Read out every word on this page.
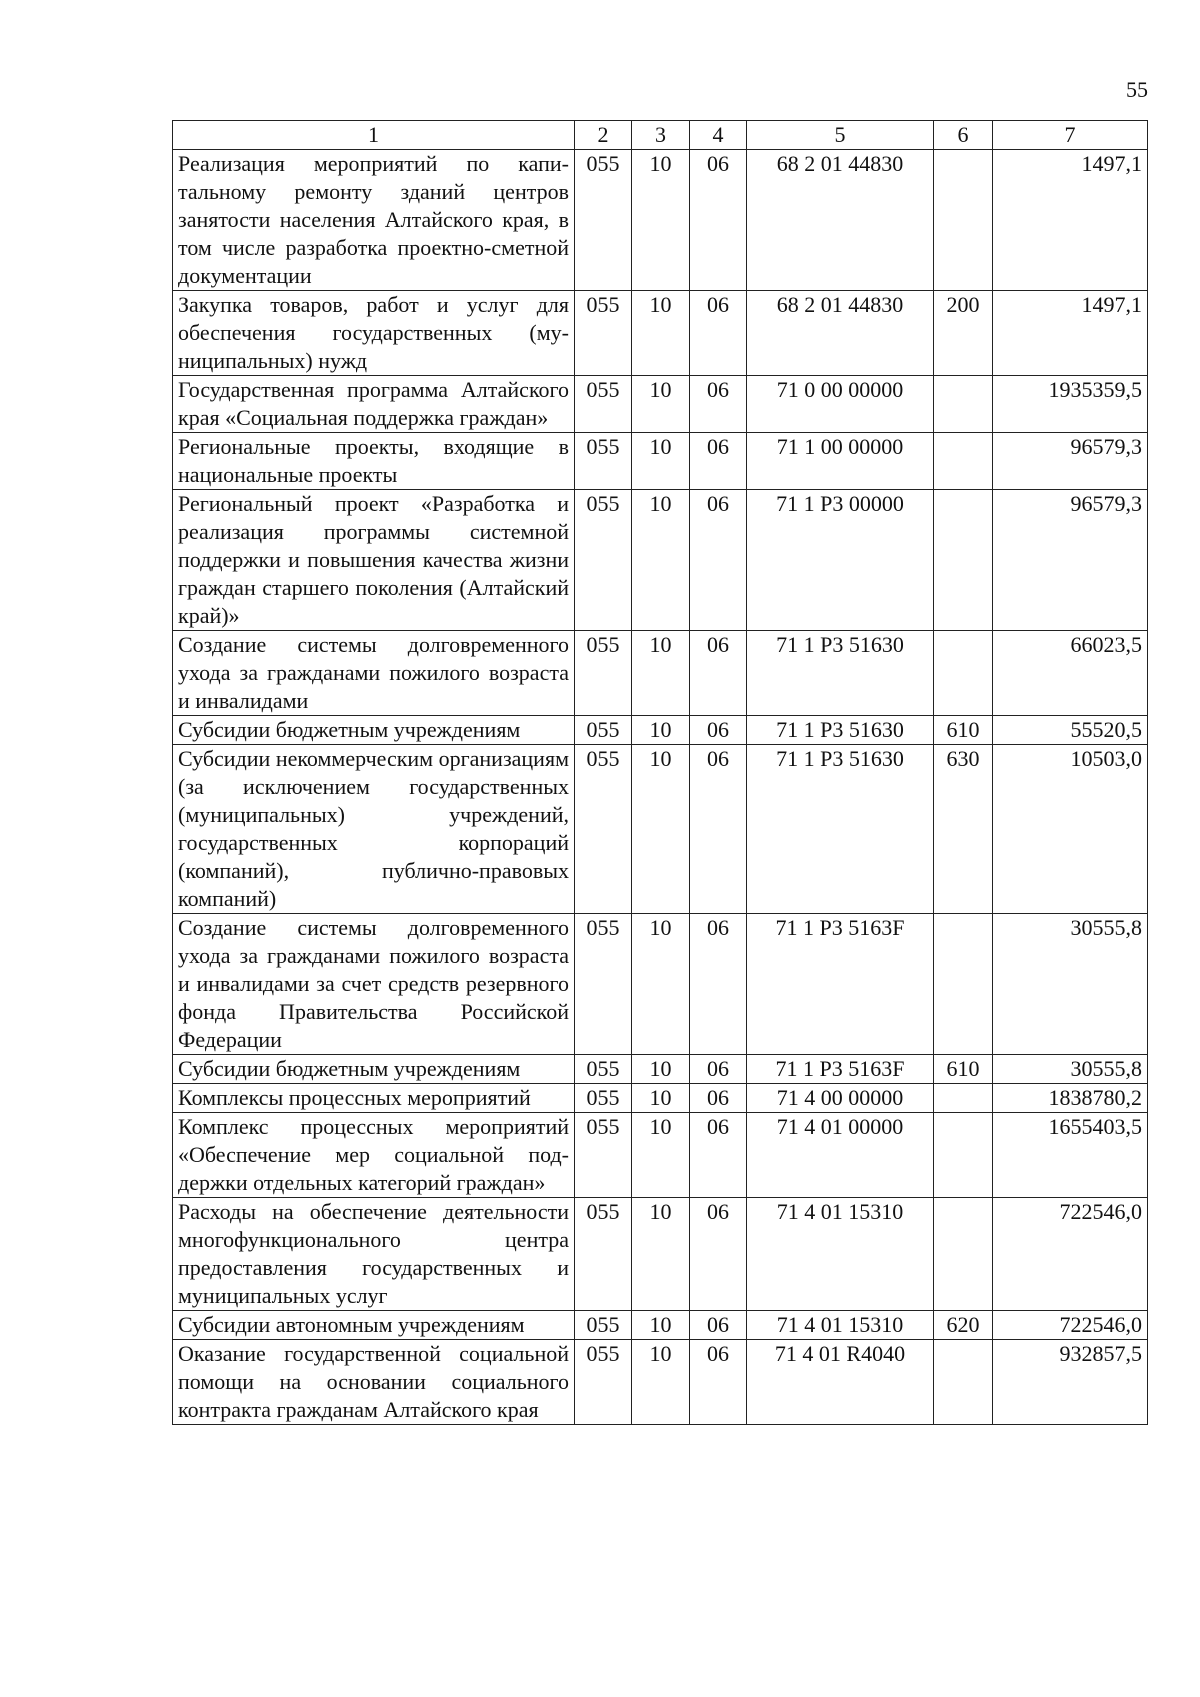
55
1	2	3	4	5	6	7
Реализация мероприятий по капитальному ремонту зданий центров занятости населения Алтайского края, в том числе разработка проектно-сметной документации	055	10	06	68 2 01 44830		1497,1
Закупка товаров, работ и услуг для обеспечения государственных (муниципальных) нужд	055	10	06	68 2 01 44830	200	1497,1
Государственная программа Алтайского края «Социальная поддержка граждан»	055	10	06	71 0 00 00000		1935359,5
Региональные проекты, входящие в национальные проекты	055	10	06	71 1 00 00000		96579,3
Региональный проект «Разработка и реализация программы системной поддержки и повышения качества жизни граждан старшего поколения (Алтайский край)»	055	10	06	71 1 Р3 00000		96579,3
Создание системы долговременного ухода за гражданами пожилого возраста и инвалидами	055	10	06	71 1 Р3 51630		66023,5
Субсидии бюджетным учреждениям	055	10	06	71 1 Р3 51630	610	55520,5
Субсидии некоммерческим организациям (за исключением государственных (муниципальных) учреждений, государственных корпораций (компаний), публично-правовых компаний)	055	10	06	71 1 Р3 51630	630	10503,0
Создание системы долговременного ухода за гражданами пожилого возраста и инвалидами за счет средств резервного фонда Правительства Российской Федерации	055	10	06	71 1 Р3 5163F		30555,8
Субсидии бюджетным учреждениям	055	10	06	71 1 Р3 5163F	610	30555,8
Комплексы процессных мероприятий	055	10	06	71 4 00 00000		1838780,2
Комплекс процессных мероприятий «Обеспечение мер социальной поддержки отдельных категорий граждан»	055	10	06	71 4 01 00000		1655403,5
Расходы на обеспечение деятельности многофункционального центра предоставления государственных и муниципальных услуг	055	10	06	71 4 01 15310		722546,0
Субсидии автономным учреждениям	055	10	06	71 4 01 15310	620	722546,0
Оказание государственной социальной помощи на основании социального контракта гражданам Алтайского края	055	10	06	71 4 01 R4040		932857,5
